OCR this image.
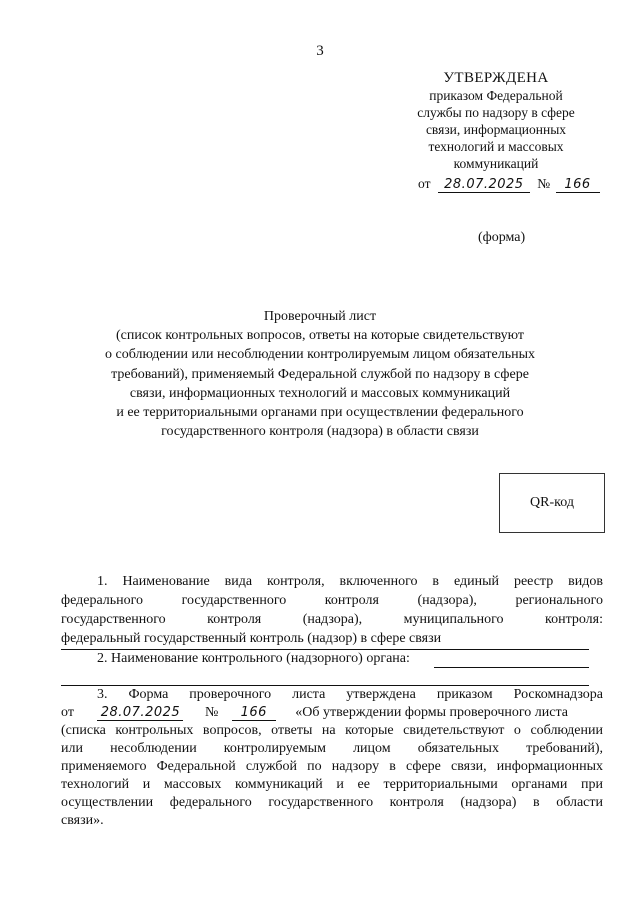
3
УТВЕРЖДЕНА
приказом Федеральной
службы по надзору в сфере
связи, информационных
технологий и массовых
коммуникаций
от 28.07.2025 № 166
(форма)
Проверочный лист
(список контрольных вопросов, ответы на которые свидетельствуют
о соблюдении или несоблюдении контролируемым лицом обязательных
требований), применяемый Федеральной службой по надзору в сфере
связи, информационных технологий и массовых коммуникаций
и ее территориальными органами при осуществлении федерального
государственного контроля (надзора) в области связи
QR-код
1. Наименование вида контроля, включенного в единый реестр видов
федерального государственного контроля (надзора), регионального
государственного контроля (надзора), муниципального контроля:
федеральный государственный контроль (надзор) в сфере связи
2. Наименование контрольного (надзорного) органа:
3. Форма проверочного листа утверждена приказом Роскомнадзора
от 28.07.2025 № 166 «Об утверждении формы проверочного листа
(списка контрольных вопросов, ответы на которые свидетельствуют о соблюдении
или несоблюдении контролируемым лицом обязательных требований),
применяемого Федеральной службой по надзору в сфере связи, информационных
технологий и массовых коммуникаций и ее территориальными органами при
осуществлении федерального государственного контроля (надзора) в области
связи».
